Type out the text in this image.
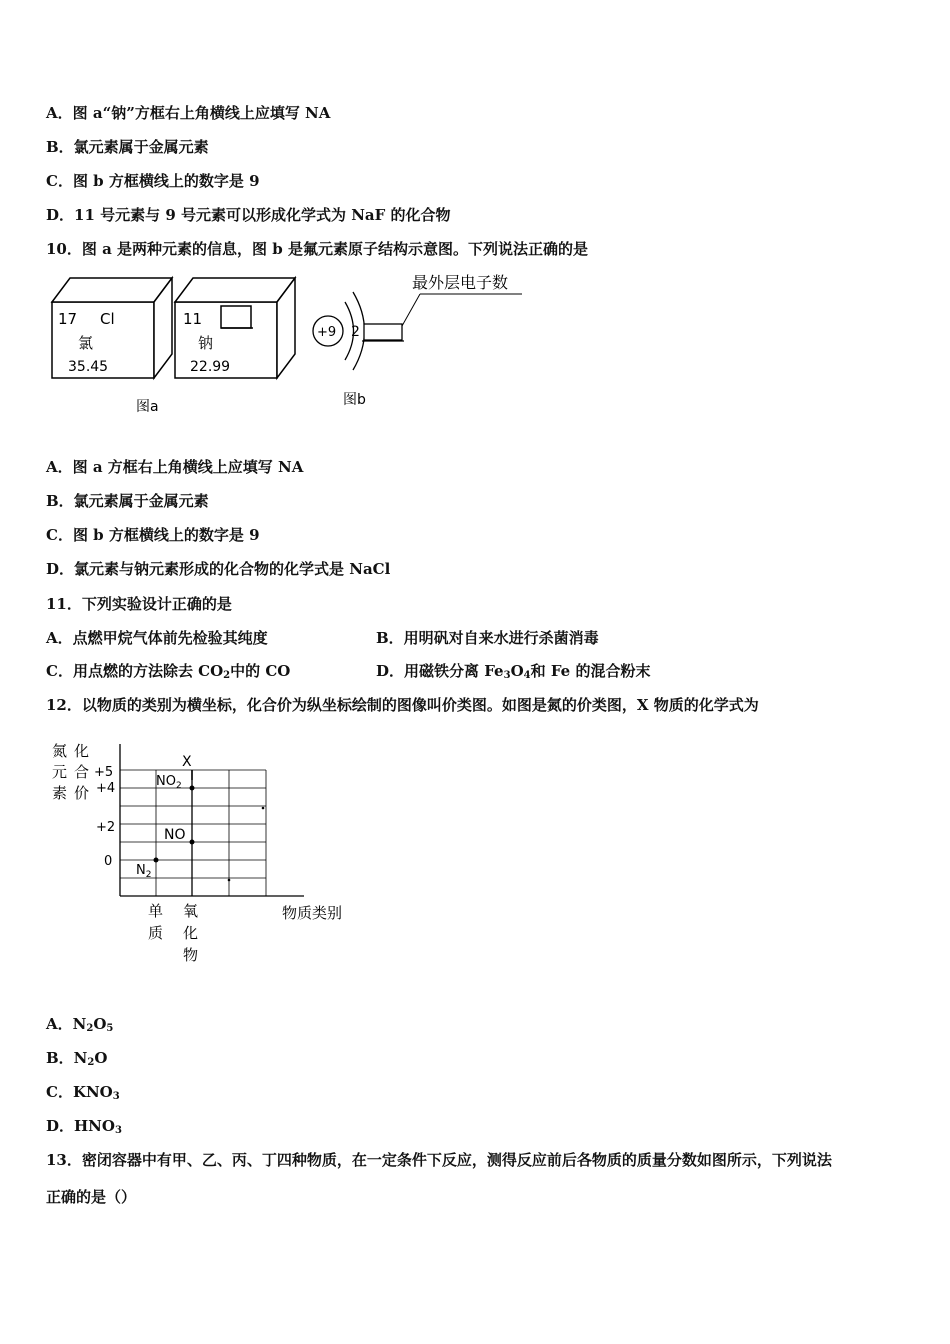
A．图 a“钠”方框右上角横线上应填写 NA
B．氯元素属于金属元素
C．图 b 方框横线上的数字是 9
D．11 号元素与 9 号元素可以形成化学式为 NaF 的化合物
10．图 a 是两种元素的信息，图 b 是氟元素原子结构示意图。下列说法正确的是
17 Cl
氯
35.45
11
钠
22.99
图a
+9 2
最外层电子数
图b
A．图 a 方框右上角横线上应填写 NA
B．氯元素属于金属元素
C．图 b 方框横线上的数字是 9
D．氯元素与钠元素形成的化合物的化学式是 NaCl
11．下列实验设计正确的是
A．点燃甲烷气体前先检验其纯度	B．用明矾对自来水进行杀菌消毒
C．用点燃的方法除去 $CO_2$中的 CO	D．用磁铁分离 $Fe_3O_4$和 Fe 的混合粉末
12．以物质的类别为横坐标，化合价为纵坐标绘制的图像叫价类图。如图是氮的价类图，X 物质的化学式为
氮
元
素
化
合
价
+5
+4
+2
0
X
$NO_2$
NO
$N_2$
单
质
氧
化
物
物质类别
A．$N_2O_5$
B．$N_2O$
C．$KNO_3$
D．$HNO_3$
13．密闭容器中有甲、乙、丙、丁四种物质，在一定条件下反应，测得反应前后各物质的质量分数如图所示，下列说法
正确的是（）
